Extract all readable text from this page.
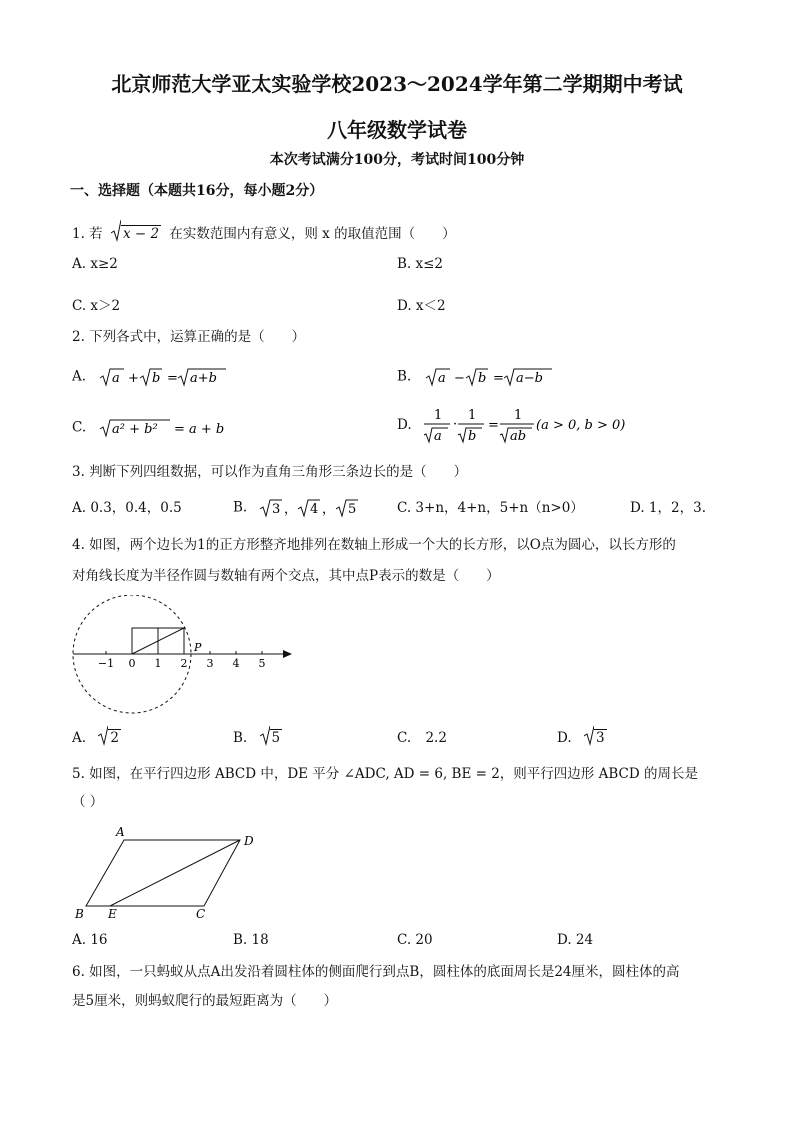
北京师范大学亚太实验学校2023～2024学年第二学期期中考试
八年级数学试卷
本次考试满分100分，考试时间100分钟
一、选择题（本题共16分，每小题2分）
1. 若 x − 2 在实数范围内有意义，则 x 的取值范围（　　）
A. x≥2	B. x≤2
C. x＞2	D. x＜2
2. 下列各式中，运算正确的是（　　）
A. a + b = a+b	B. a − b = a−b
C. a² + b² = a + b	D.
1
a
·
1
b
=
1
ab
(a > 0, b > 0)
3. 判断下列四组数据，可以作为直角三角形三条边长的是（　　）
A. 0.3，0.4，0.5	B. 3 ， 4 ， 5	C. 3+n，4+n，5+n（n>0）	D. 1，2，3.
4. 如图，两个边长为1的正方形整齐地排列在数轴上形成一个大的长方形，以O点为圆心，以长方形的
对角线长度为半径作圆与数轴有两个交点，其中点P表示的数是（　　）
−1 0 1 2 3 4 5
P
A. 2	B. 5	C. 2.2	D. 3
5. 如图，在平行四边形 ABCD 中，DE 平分 ∠ADC, AD = 6, BE = 2，则平行四边形 ABCD 的周长是
（ ）
A
D
B E	C
A. 16	B. 18	C. 20	D. 24
6. 如图，一只蚂蚁从点A出发沿着圆柱体的侧面爬行到点B，圆柱体的底面周长是24厘米，圆柱体的高
是5厘米，则蚂蚁爬行的最短距离为（　　）
